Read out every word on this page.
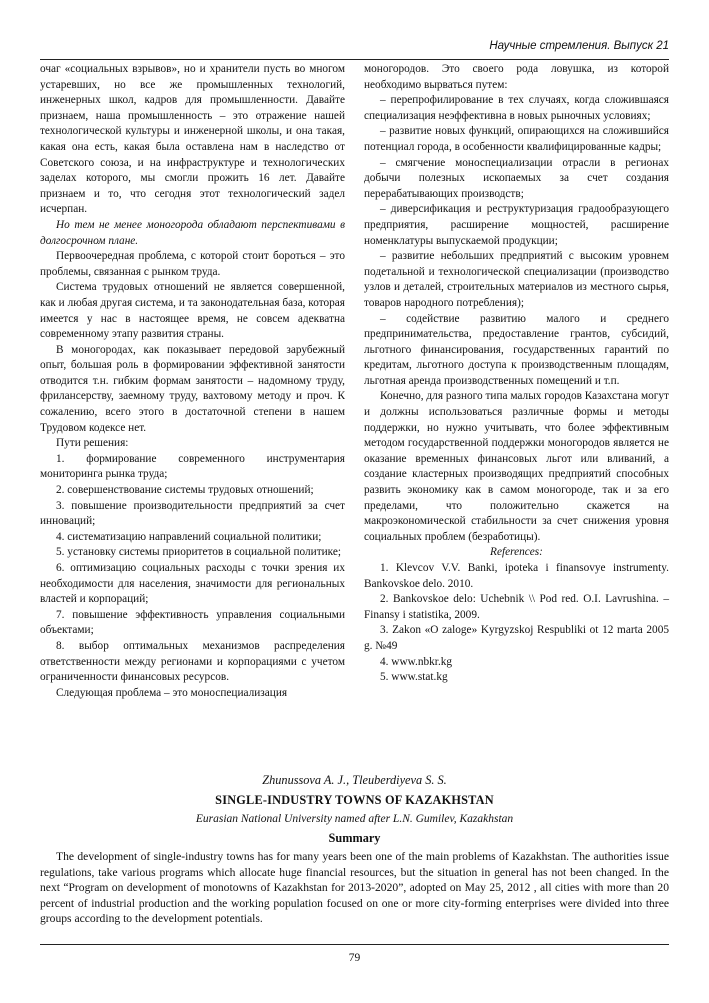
Научные стремления. Выпуск 21

очаг «социальных взрывов», но и хранители пусть во многом устаревших, но все же промышленных технологий, инженерных школ, кадров для промышленности. Давайте признаем, наша промышленность – это отражение нашей технологической культуры и инженерной школы, и она такая, какая она есть, какая была оставлена нам в наследство от Советского союза, и на инфраструктуре и технологических заделах которого, мы смогли прожить 16 лет. Давайте признаем и то, что сегодня этот технологический задел исчерпан.

Но тем не менее моногорода обладают перспективами в долгосрочном плане.

Первоочередная проблема, с которой стоит бороться – это проблемы, связанная с рынком труда.

Система трудовых отношений не является совершенной, как и любая другая система, и та законодательная база, которая имеется у нас в настоящее время, не совсем адекватна современному этапу развития страны.

В моногородах, как показывает передовой зарубежный опыт, большая роль в формировании эффективной занятости отводится т.н. гибким формам занятости – надомному труду, фрилансерству, заемному труду, вахтовому методу и проч. К сожалению, всего этого в достаточной степени в нашем Трудовом кодексе нет.

Пути решения:

1. формирование современного инструментария мониторинга рынка труда;

2. совершенствование системы трудовых отношений;

3. повышение производительности предприятий за счет инноваций;

4. систематизацию направлений социальной политики;

5. установку системы приоритетов в социальной политике;

6. оптимизацию социальных расходы с точки зрения их необходимости для населения, значимости для региональных властей и корпораций;

7. повышение эффективность управления социальными объектами;

8. выбор оптимальных механизмов распределения ответственности между регионами и корпорациями с учетом ограниченности финансовых ресурсов.

Следующая проблема – это моноспециализация

моногородов. Это своего рода ловушка, из которой необходимо вырваться путем:

– перепрофилирование в тех случаях, когда сложившаяся специализация неэффективна в новых рыночных условиях;

– развитие новых функций, опирающихся на сложившийся потенциал города, в особенности квалифицированные кадры;

– смягчение моноспециализации отрасли в регионах добычи полезных ископаемых за счет создания перерабатывающих производств;

– диверсификация и реструктуризация градообразующего предприятия, расширение мощностей, расширение номенклатуры выпускаемой продукции;

– развитие небольших предприятий с высоким уровнем подетальной и технологической специализации (производство узлов и деталей, строительных материалов из местного сырья, товаров народного потребления);

– содействие развитию малого и среднего предпринимательства, предоставление грантов, субсидий, льготного финансирования, государственных гарантий по кредитам, льготного доступа к производственным площадям, льготная аренда производственных помещений и т.п.

Конечно, для разного типа малых городов Казахстана могут и должны использоваться различные формы и методы поддержки, но нужно учитывать, что более эффективным методом государственной поддержки моногородов является не оказание временных финансовых льгот или вливаний, а создание кластерных производящих предприятий способных развить экономику как в самом моногороде, так и за его пределами, что положительно скажется на макроэкономической стабильности за счет снижения уровня социальных проблем (безработицы).

References:

1. Klevcov V.V. Banki, ipoteka i finansovye instrumenty. Bankovskoe delo. 2010.

2. Bankovskoe delo: Uchebnik \\ Pod red. O.I. Lavrushina. – Finansy i statistika, 2009.

3. Zakon «O zaloge» Kyrgyzskoj Respubliki ot 12 marta 2005 g. №49

4. www.nbkr.kg

5. www.stat.kg

Zhunussova A. J., Tleuberdiyeva S. S.
SINGLE-INDUSTRY TOWNS OF KAZAKHSTAN
Eurasian National University named after L.N. Gumilev, Kazakhstan
Summary

The development of single-industry towns has for many years been one of the main problems of Kazakhstan. The authorities issue regulations, take various programs which allocate huge financial resources, but the situation in general has not been changed. In the next “Program on development of monotowns of Kazakhstan for 2013-2020”, adopted on May 25, 2012 , all cities with more than 20 percent of industrial production and the working population focused on one or more city-forming enterprises were divided into three groups according to the development potentials.

79
